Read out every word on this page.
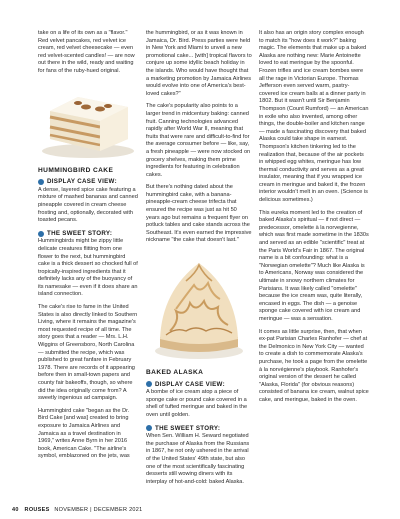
take on a life of its own as a "flavor." Red velvet pancakes, red velvet ice cream, red velvet cheesecake — even red velvet-scented candles! — are now out there in the wild, ready and waiting for fans of the ruby-hued original.

HUMMINGBIRD CAKE
DISPLAY CASE VIEW:

A dense, layered spice cake featuring a mixture of mashed bananas and canned pineapple covered in cream cheese frosting and, optionally, decorated with toasted pecans.

THE SWEET STORY:

Hummingbirds might be zippy little delicate creatures flitting from one flower to the next, but hummingbird cake is a thick dessert so chocked full of tropically-inspired ingredients that it definitely lacks any of the buoyancy of its namesake — even if it does share an island connection.

The cake's rise to fame in the United States is also directly linked to Southern Living, where it remains the magazine's most requested recipe of all time. The story goes that a reader — Mrs. L.H. Wiggins of Greensboro, North Carolina — submitted the recipe, which was published to great fanfare in February 1978. There are records of it appearing before then in small-town papers and county fair bakeoffs, though, so where did the idea originally come from? A sweetly ingenious ad campaign.

Hummingbird cake "began as the Dr. Bird Cake [and was] created to bring exposure to Jamaica Airlines and Jamaica as a travel destination in 1969," writes Anne Byrn in her 2016 book, American Cake. "The airline's symbol, emblazoned on the jets, was

the hummingbird, or as it was known in Jamaica, Dr. Bird. Press parties were held in New York and Miami to unveil a new promotional cake... [with] tropical flavors to conjure up some idyllic beach holiday in the islands. Who would have thought that a marketing promotion by Jamaica Airlines would evolve into one of America's best-loved cakes?"

The cake's popularity also points to a larger trend in midcentury baking: canned fruit. Canning technologies advanced rapidly after World War II, meaning that fruits that were rare and difficult-to-find for the average consumer before — like, say, a fresh pineapple — were now stocked on grocery shelves, making them prime ingredients for featuring in celebration cakes.

But there's nothing dated about the hummingbird cake, with a banana-pineapple-cream cheese trifecta that ensured the recipe was just as hit 50 years ago but remains a frequent flyer on potluck tables and cake stands across the Southeast. It's even earned the impressive nickname "the cake that doesn't last."

BAKED ALASKA
DISPLAY CASE VIEW:

A bombe of ice cream atop a piece of sponge cake or pound cake covered in a shell of tufted meringue and baked in the oven until golden.

THE SWEET STORY:

When Sen. William H. Seward negotiated the purchase of Alaska from the Russians in 1867, he not only ushered in the arrival of the United States' 49th state, but also one of the most scientifically fascinating desserts still wowing diners with its interplay of hot-and-cold: baked Alaska.

It also has an origin story complex enough to match its "how does it work?" baking magic. The elements that make up a baked Alaska are nothing new: Marie Antoinette loved to eat meringue by the spoonful. Frozen trifles and ice cream bombes were all the rage in Victorian Europe. Thomas Jefferson even served warm, pastry-covered ice cream balls at a dinner party in 1802. But it wasn't until Sir Benjamin Thompson (Count Rumford) — an American in exile who also invented, among other things, the double-boiler and kitchen range — made a fascinating discovery that baked Alaska could take shape in earnest. Thompson's kitchen tinkering led to the realization that, because of the air pockets in whipped egg whites, meringue has low thermal conductivity and serves as a great insulator, meaning that if you wrapped ice cream in meringue and baked it, the frozen interior wouldn't melt in an oven. (Science is delicious sometimes.)

This eureka moment led to the creation of baked Alaska's spiritual — if not direct — predecessor, omelette à la norvegienne, which was first made sometime in the 1830s and served as an edible "scientific" treat at the Paris World's Fair in 1867. The original name is a bit confounding: what is a "Norwegian omelette"? Much like Alaska is to Americans, Norway was considered the ultimate in snowy northern climates for Parisians. It was likely called "omelette" because the ice cream was, quite literally, encased in eggs. The dish — a genoise sponge cake covered with ice cream and meringue — was a sensation.

It comes as little surprise, then, that when ex-pat Parisian Charles Ranhofer — chef at the Delmonico in New York City — wanted to create a dish to commemorate Alaska's purchase, he took a page from the omelette à la norvégienne's playbook. Ranhofer's original version of the dessert he called "Alaska, Florida" (for obvious reasons) consisted of banana ice cream, walnut spice cake, and meringue, baked in the oven.

40 ROUSES NOVEMBER | DECEMBER 2021
